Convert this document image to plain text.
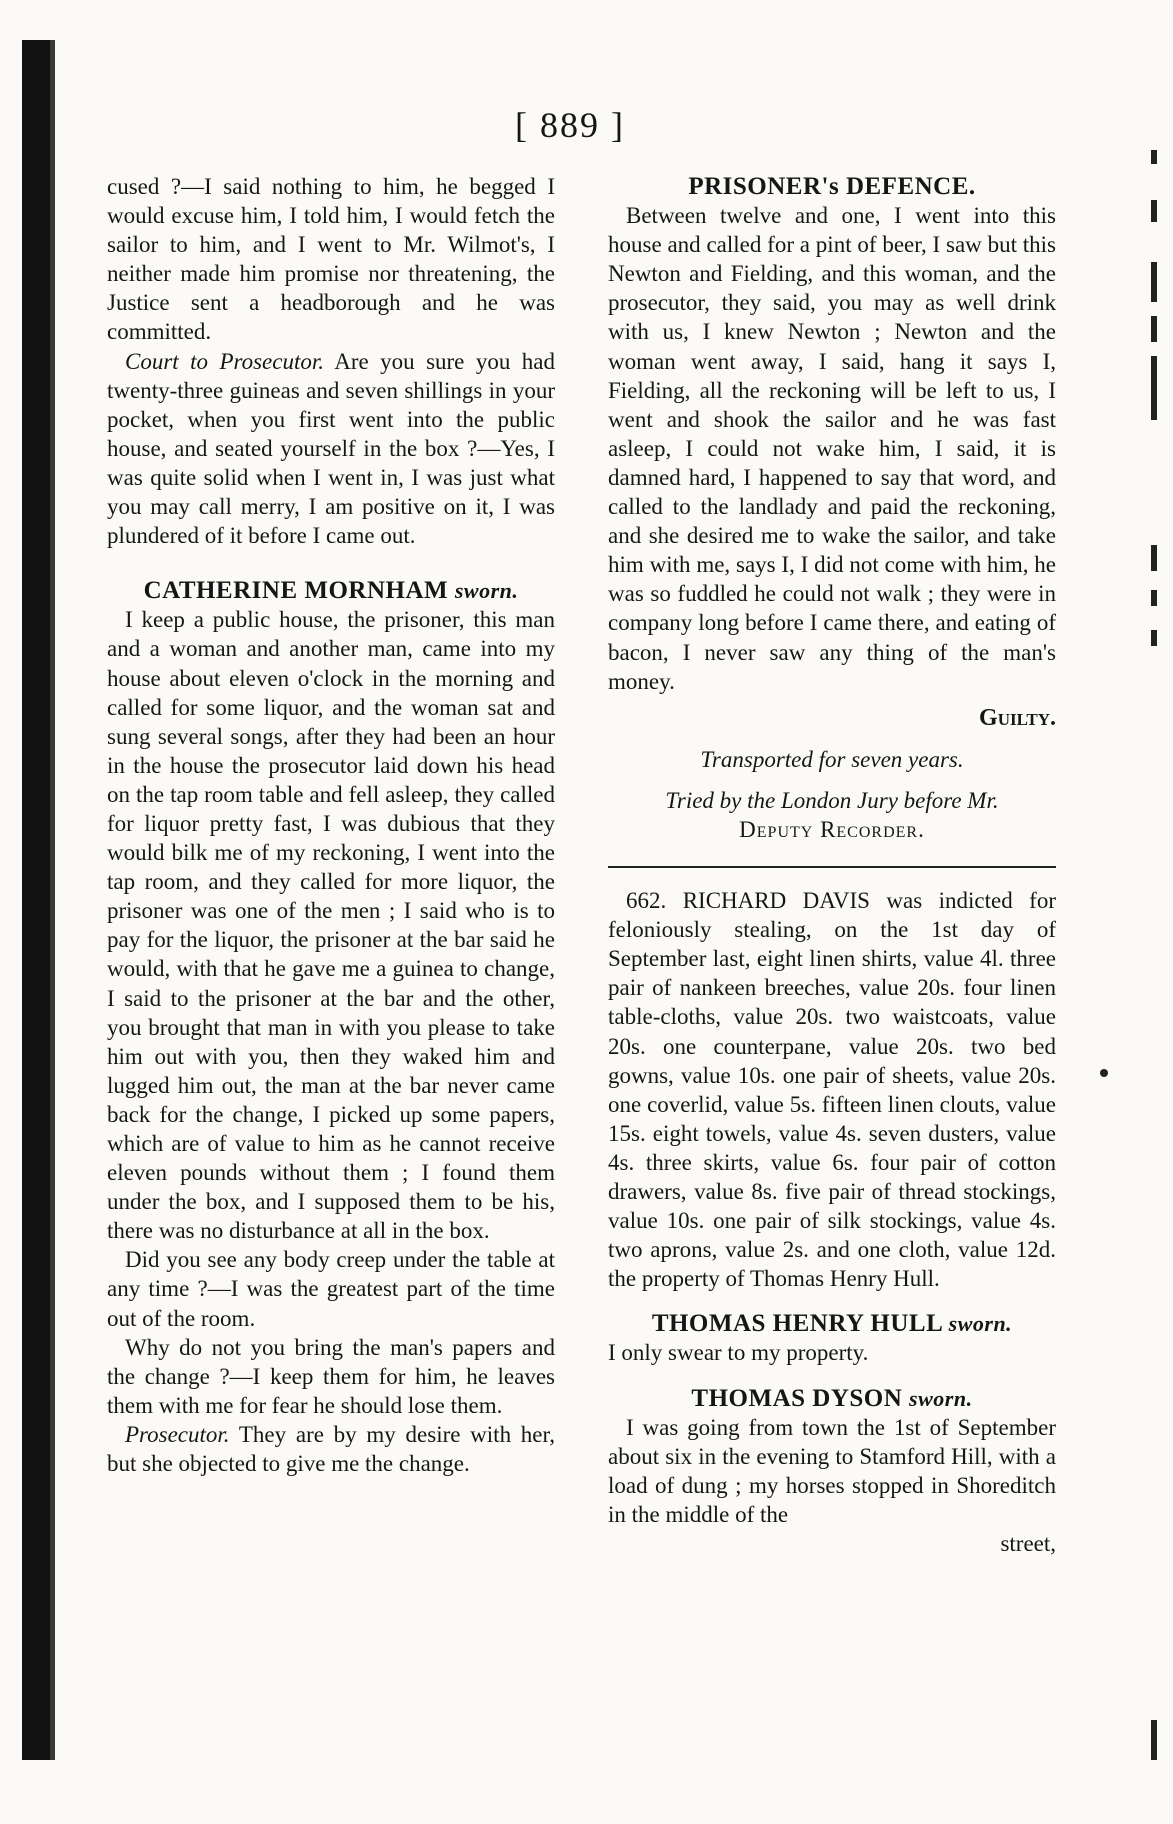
[ 889 ]

cused ?—I said nothing to him, he begged I would excuse him, I told him, I would fetch the sailor to him, and I went to Mr. Wilmot's, I neither made him promise nor threatening, the Justice sent a headborough and he was committed.

Court to Prosecutor. Are you sure you had twenty-three guineas and seven shillings in your pocket, when you first went into the public house, and seated yourself in the box ?—Yes, I was quite solid when I went in, I was just what you may call merry, I am positive on it, I was plundered of it before I came out.

CATHERINE MORNHAM sworn.

I keep a public house, the prisoner, this man and a woman and another man, came into my house about eleven o'clock in the morning and called for some liquor, and the woman sat and sung several songs, after they had been an hour in the house the prosecutor laid down his head on the tap room table and fell asleep, they called for liquor pretty fast, I was dubious that they would bilk me of my reckoning, I went into the tap room, and they called for more liquor, the prisoner was one of the men ; I said who is to pay for the liquor, the prisoner at the bar said he would, with that he gave me a guinea to change, I said to the prisoner at the bar and the other, you brought that man in with you please to take him out with you, then they waked him and lugged him out, the man at the bar never came back for the change, I picked up some papers, which are of value to him as he cannot receive eleven pounds without them ; I found them under the box, and I supposed them to be his, there was no disturbance at all in the box.

Did you see any body creep under the table at any time ?—I was the greatest part of the time out of the room.

Why do not you bring the man's papers and the change ?—I keep them for him, he leaves them with me for fear he should lose them.

Prosecutor. They are by my desire with her, but she objected to give me the change.

PRISONER's DEFENCE.

Between twelve and one, I went into this house and called for a pint of beer, I saw but this Newton and Fielding, and this woman, and the prosecutor, they said, you may as well drink with us, I knew Newton ; Newton and the woman went away, I said, hang it says I, Fielding, all the reckoning will be left to us, I went and shook the sailor and he was fast asleep, I could not wake him, I said, it is damned hard, I happened to say that word, and called to the landlady and paid the reckoning, and she desired me to wake the sailor, and take him with me, says I, I did not come with him, he was so fuddled he could not walk ; they were in company long before I came there, and eating of bacon, I never saw any thing of the man's money.

Guilty.
Transported for seven years.
Tried by the London Jury before Mr.
Deputy Recorder.

662. RICHARD DAVIS was indicted for feloniously stealing, on the 1st day of September last, eight linen shirts, value 4l. three pair of nankeen breeches, value 20s. four linen table-cloths, value 20s. two waistcoats, value 20s. one counterpane, value 20s. two bed gowns, value 10s. one pair of sheets, value 20s. one coverlid, value 5s. fifteen linen clouts, value 15s. eight towels, value 4s. seven dusters, value 4s. three skirts, value 6s. four pair of cotton drawers, value 8s. five pair of thread stockings, value 10s. one pair of silk stockings, value 4s. two aprons, value 2s. and one cloth, value 12d. the property of Thomas Henry Hull.

THOMAS HENRY HULL sworn.

I only swear to my property.

THOMAS DYSON sworn.

I was going from town the 1st of September about six in the evening to Stamford Hill, with a load of dung ; my horses stopped in Shoreditch in the middle of the

street,
